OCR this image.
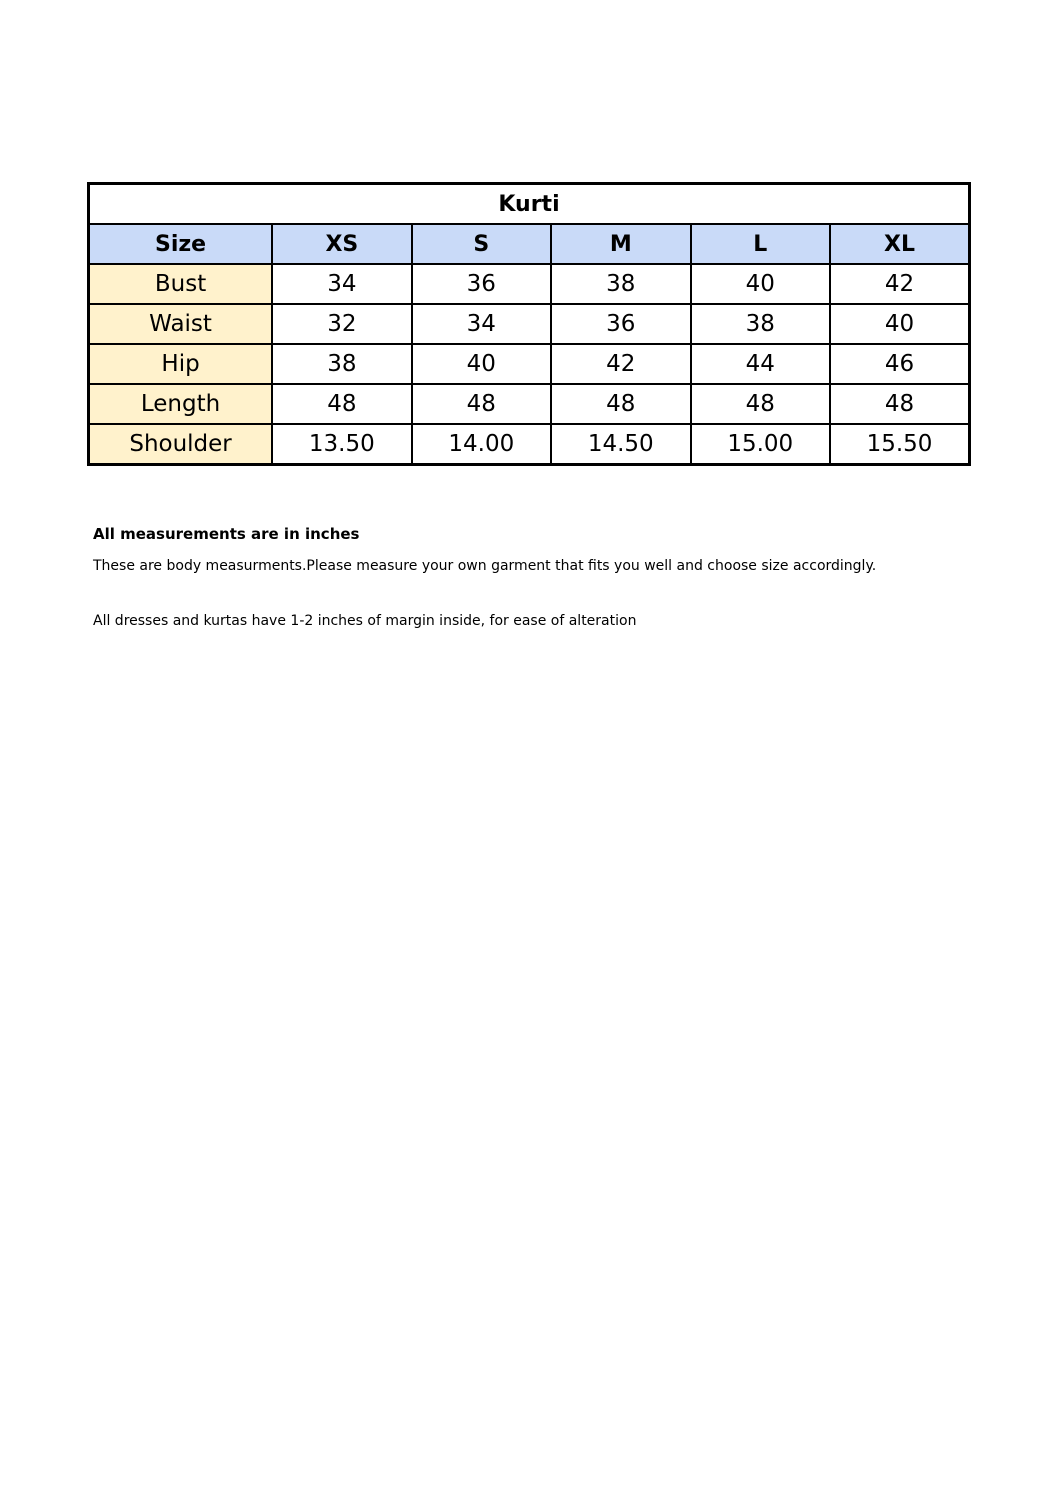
Kurti					
Size	XS	S	M	L	XL
Bust	34	36	38	40	42
Waist	32	34	36	38	40
Hip	38	40	42	44	46
Length	48	48	48	48	48
Shoulder	13.50	14.00	14.50	15.00	15.50

All measurements are in inches

These are body measurments.Please measure your own garment that fits you well and choose size accordingly.

All dresses and kurtas have 1-2 inches of margin inside, for ease of alteration
